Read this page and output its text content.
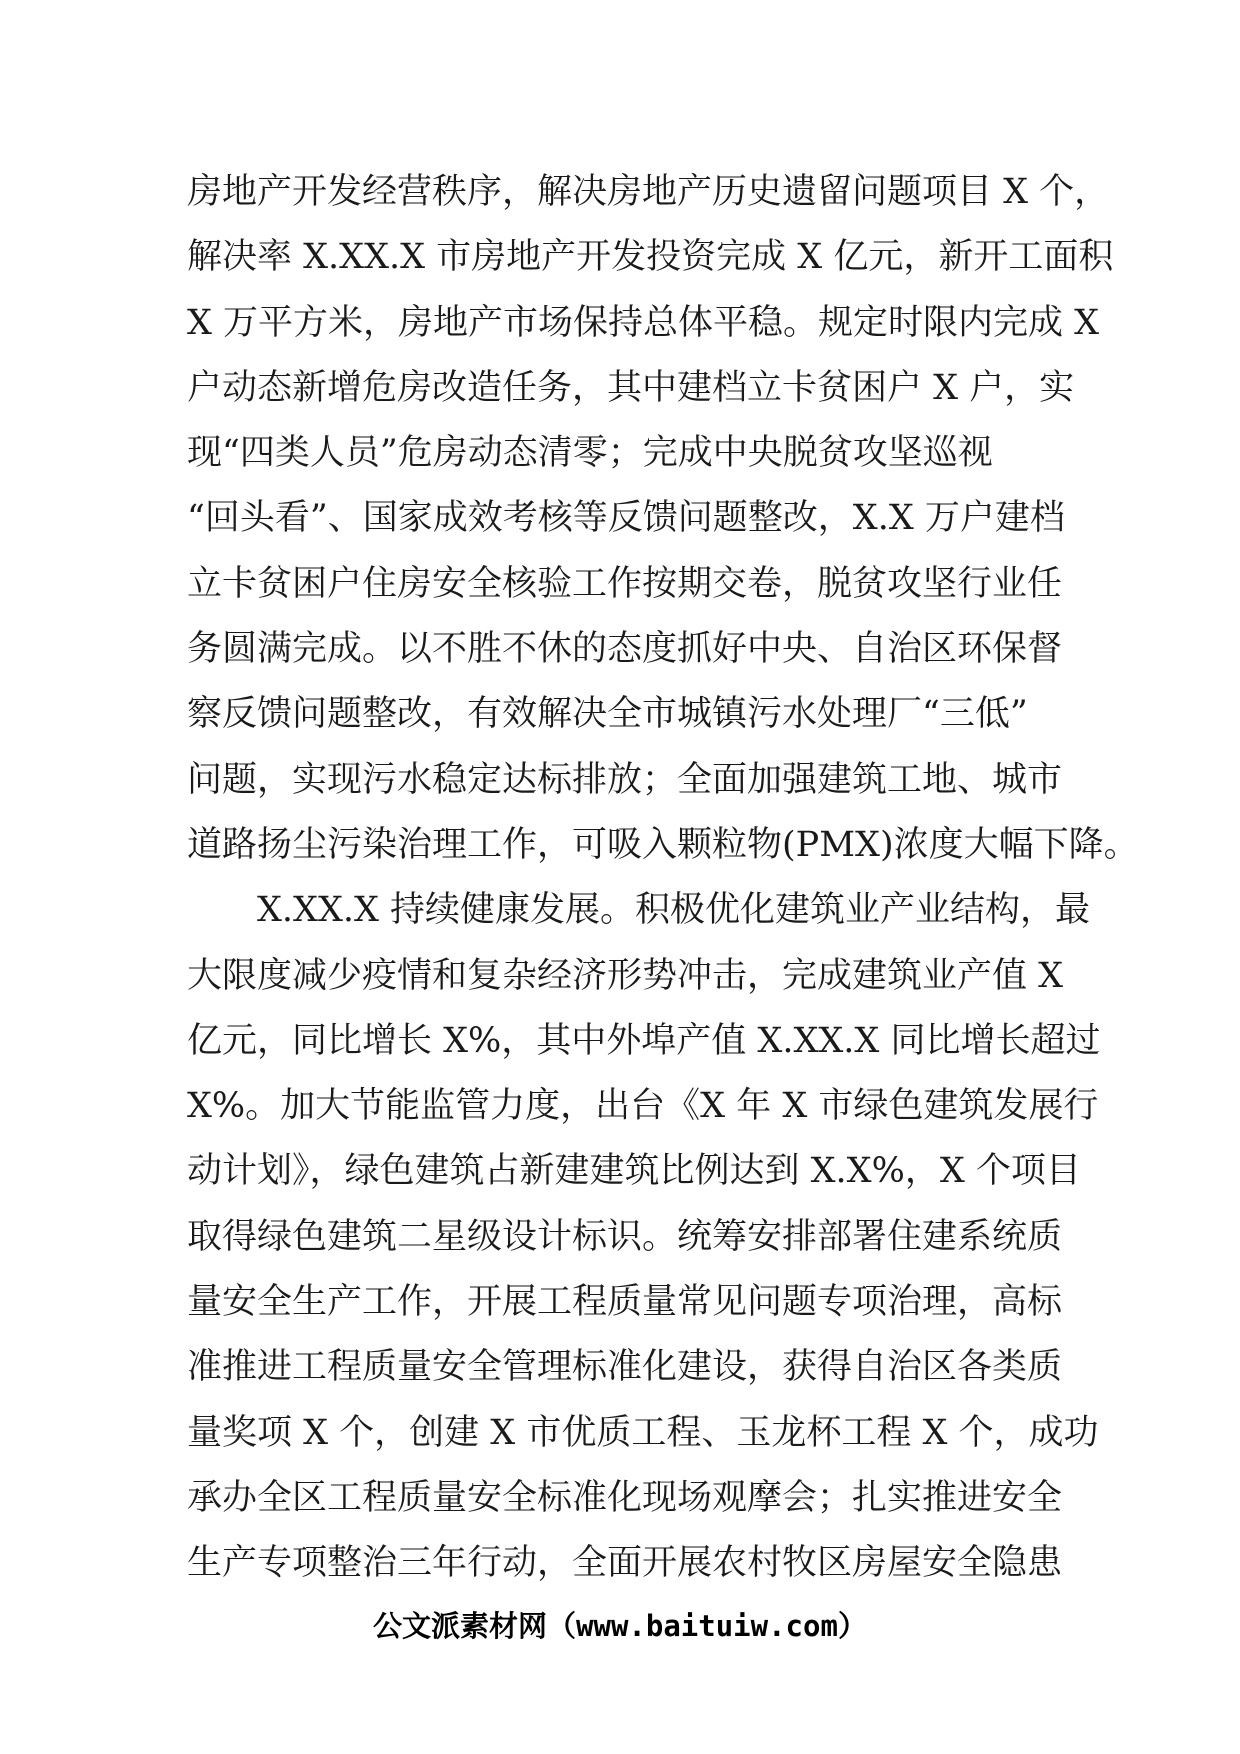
房地产开发经营秩序，解决房地产历史遗留问题项目 X 个，
解决率 X.XX.X 市房地产开发投资完成 X 亿元，新开工面积
X 万平方米，房地产市场保持总体平稳。规定时限内完成 X
户动态新增危房改造任务，其中建档立卡贫困户 X 户，实
现“四类人员”危房动态清零；完成中央脱贫攻坚巡视
“回头看”、国家成效考核等反馈问题整改，X.X 万户建档
立卡贫困户住房安全核验工作按期交卷，脱贫攻坚行业任
务圆满完成。以不胜不休的态度抓好中央、自治区环保督
察反馈问题整改，有效解决全市城镇污水处理厂“三低”
问题，实现污水稳定达标排放；全面加强建筑工地、城市
道路扬尘污染治理工作，可吸入颗粒物(PMX)浓度大幅下降。
X.XX.X 持续健康发展。积极优化建筑业产业结构，最
大限度减少疫情和复杂经济形势冲击，完成建筑业产值 X
亿元，同比增长 X%，其中外埠产值 X.XX.X 同比增长超过
X%。加大节能监管力度，出台《X 年 X 市绿色建筑发展行
动计划》，绿色建筑占新建建筑比例达到 X.X%，X 个项目
取得绿色建筑二星级设计标识。统筹安排部署住建系统质
量安全生产工作，开展工程质量常见问题专项治理，高标
准推进工程质量安全管理标准化建设，获得自治区各类质
量奖项 X 个，创建 X 市优质工程、玉龙杯工程 X 个，成功
承办全区工程质量安全标准化现场观摩会；扎实推进安全
生产专项整治三年行动，全面开展农村牧区房屋安全隐患
公文派素材网（www.baituiw.com）
